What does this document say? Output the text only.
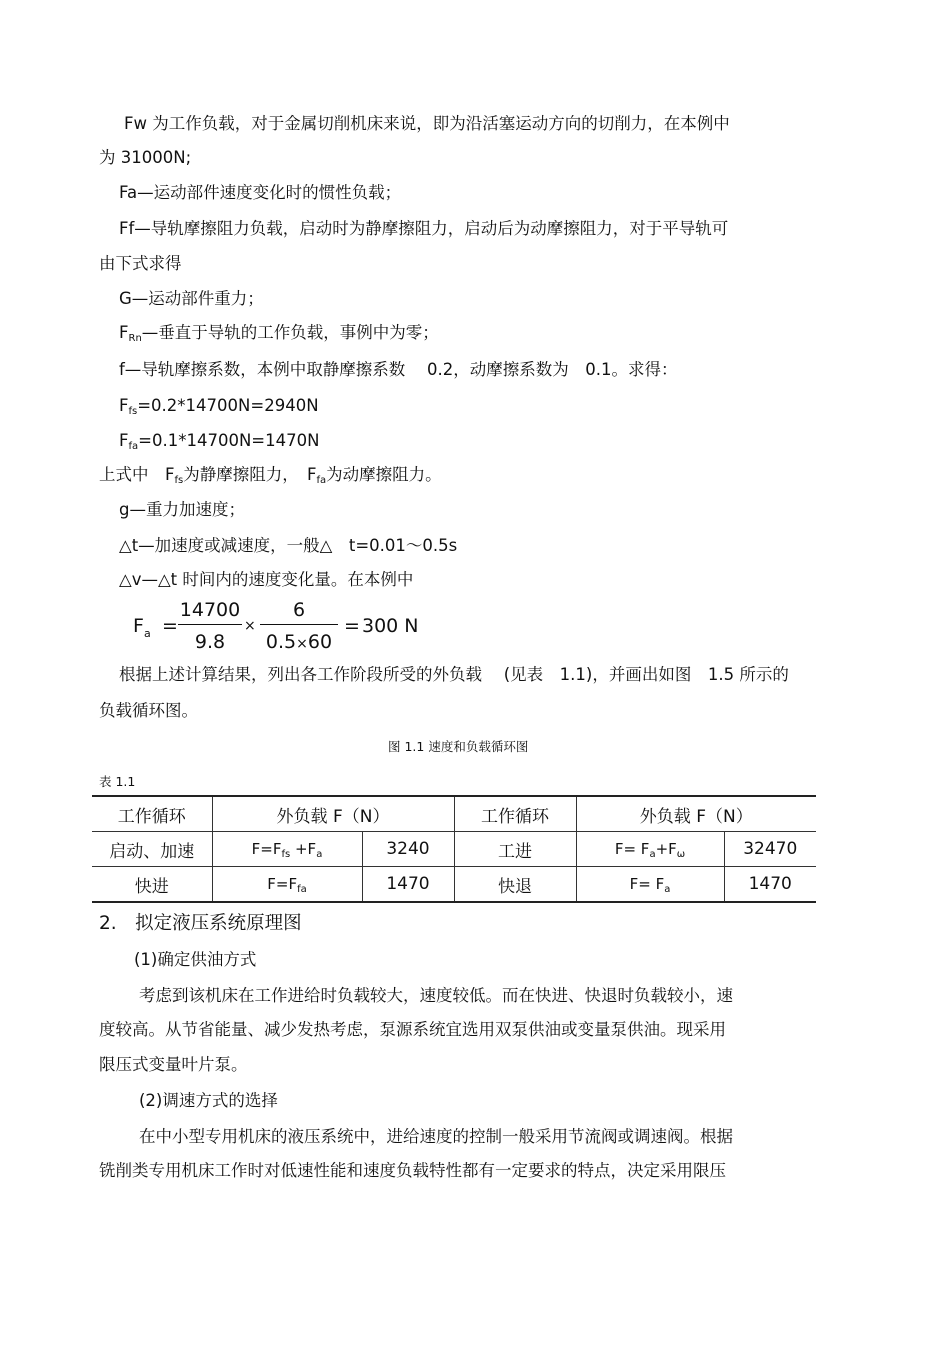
Fw 为工作负载，对于金属切削机床来说，即为沿活塞运动方向的切削力，在本例中
为 31000N;
Fa—运动部件速度变化时的惯性负载；
Ff—导轨摩擦阻力负载，启动时为静摩擦阻力，启动后为动摩擦阻力，对于平导轨可
由下式求得
G—运动部件重力；
FRn—垂直于导轨的工作负载，事例中为零；
f—导轨摩擦系数，本例中取静摩擦系数　 0.2，动摩擦系数为　0.1。求得：
Ffs=0.2*14700N=2940N
Ffa=0.1*14700N=1470N
上式中　Ffs为静摩擦阻力，　Ffa为动摩擦阻力。
g—重力加速度；
△t—加速度或减速度，一般△　t=0.01～0.5s
△v—△t 时间内的速度变化量。在本例中
$F_a$ =
14700
9.8
×
6
0.5×60
= 300 N
根据上述计算结果，列出各工作阶段所受的外负载　 (见表　1.1)，并画出如图　1.5 所示的
负载循环图。
图 1.1 速度和负载循环图
表 1.1
工作循环	外负载 F（N）		工作循环	外负载 F（N）	
启动、加速	$F=F_{fs} +F_a$	3240	工进	$F= F_a+F_\omega$	32470
快进	$F=F_{fa}$	1470	快退	$F= F_a$	1470
2.　拟定液压系统原理图
(1)确定供油方式
考虑到该机床在工作进给时负载较大，速度较低。而在快进、快退时负载较小，速
度较高。从节省能量、减少发热考虑，泵源系统宜选用双泵供油或变量泵供油。现采用
限压式变量叶片泵。
(2)调速方式的选择
在中小型专用机床的液压系统中，进给速度的控制一般采用节流阀或调速阀。根据
铣削类专用机床工作时对低速性能和速度负载特性都有一定要求的特点，决定采用限压
